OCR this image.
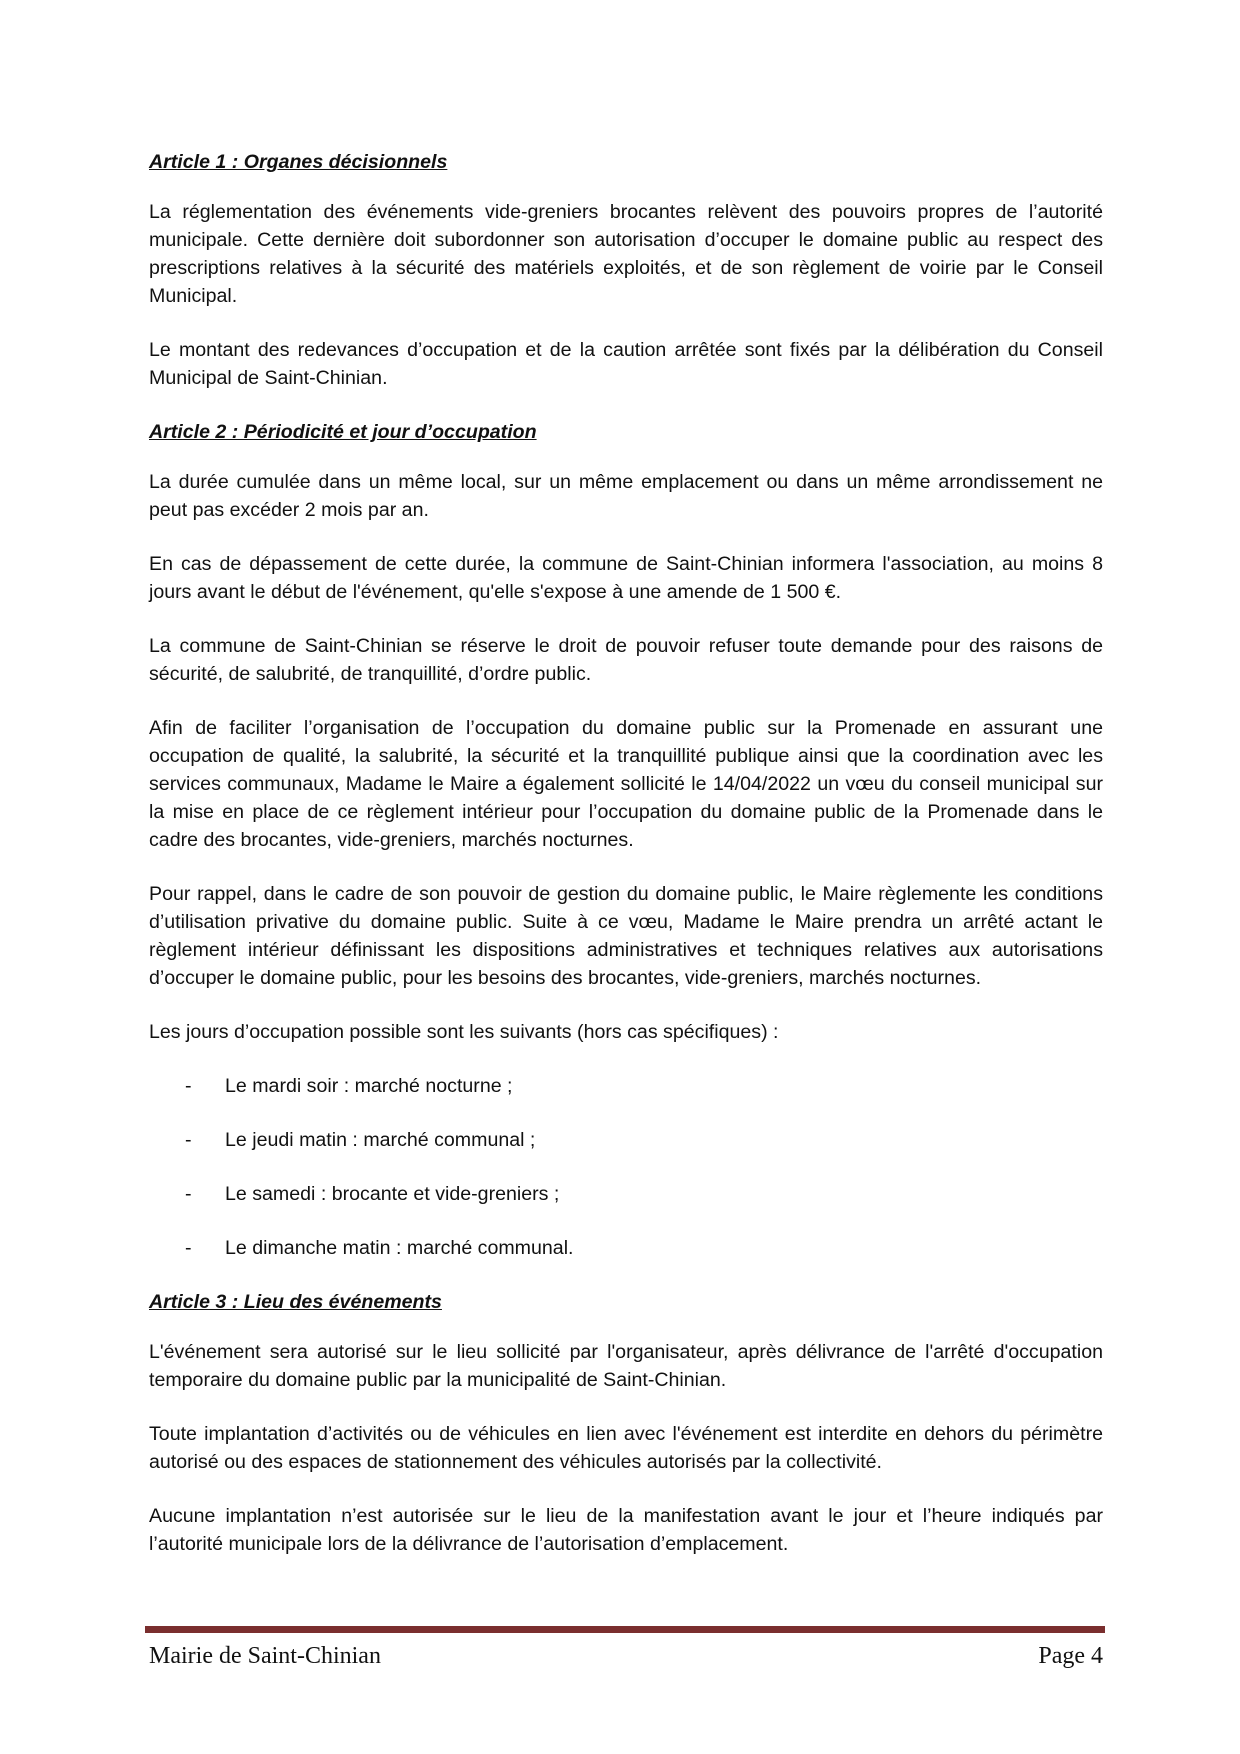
Article 1 : Organes décisionnels

La réglementation des événements vide-greniers brocantes relèvent des pouvoirs propres de l’autorité municipale. Cette dernière doit subordonner son autorisation d’occuper le domaine public au respect des prescriptions relatives à la sécurité des matériels exploités, et de son règlement de voirie par le Conseil Municipal.

Le montant des redevances d’occupation et de la caution arrêtée sont fixés par la délibération du Conseil Municipal de Saint-Chinian.

Article 2 : Périodicité et jour d’occupation

La durée cumulée dans un même local, sur un même emplacement ou dans un même arrondissement ne peut pas excéder 2 mois par an.

En cas de dépassement de cette durée, la commune de Saint-Chinian informera l'association, au moins 8 jours avant le début de l'événement, qu'elle s'expose à une amende de 1 500 €.

La commune de Saint-Chinian se réserve le droit de pouvoir refuser toute demande pour des raisons de sécurité, de salubrité, de tranquillité, d’ordre public.

Afin de faciliter l’organisation de l’occupation du domaine public sur la Promenade en assurant une occupation de qualité, la salubrité, la sécurité et la tranquillité publique ainsi que la coordination avec les services communaux, Madame le Maire a également sollicité le 14/04/2022 un vœu du conseil municipal sur la mise en place de ce règlement intérieur pour l’occupation du domaine public de la Promenade dans le cadre des brocantes, vide-greniers, marchés nocturnes.

Pour rappel, dans le cadre de son pouvoir de gestion du domaine public, le Maire règlemente les conditions d’utilisation privative du domaine public. Suite à ce vœu, Madame le Maire prendra un arrêté actant le règlement intérieur définissant les dispositions administratives et techniques relatives aux autorisations d’occuper le domaine public, pour les besoins des brocantes, vide-greniers, marchés nocturnes.

Les jours d’occupation possible sont les suivants (hors cas spécifiques) :

- Le mardi soir : marché nocturne ;
- Le jeudi matin : marché communal ;
- Le samedi : brocante et vide-greniers ;
- Le dimanche matin : marché communal.

Article 3 : Lieu des événements

L'événement sera autorisé sur le lieu sollicité par l'organisateur, après délivrance de l'arrêté d'occupation temporaire du domaine public par la municipalité de Saint-Chinian.

Toute implantation d’activités ou de véhicules en lien avec l'événement est interdite en dehors du périmètre autorisé ou des espaces de stationnement des véhicules autorisés par la collectivité.

Aucune implantation n’est autorisée sur le lieu de la manifestation avant le jour et l’heure indiqués par l’autorité municipale lors de la délivrance de l’autorisation d’emplacement.

Mairie de Saint-Chinian	Page 4
